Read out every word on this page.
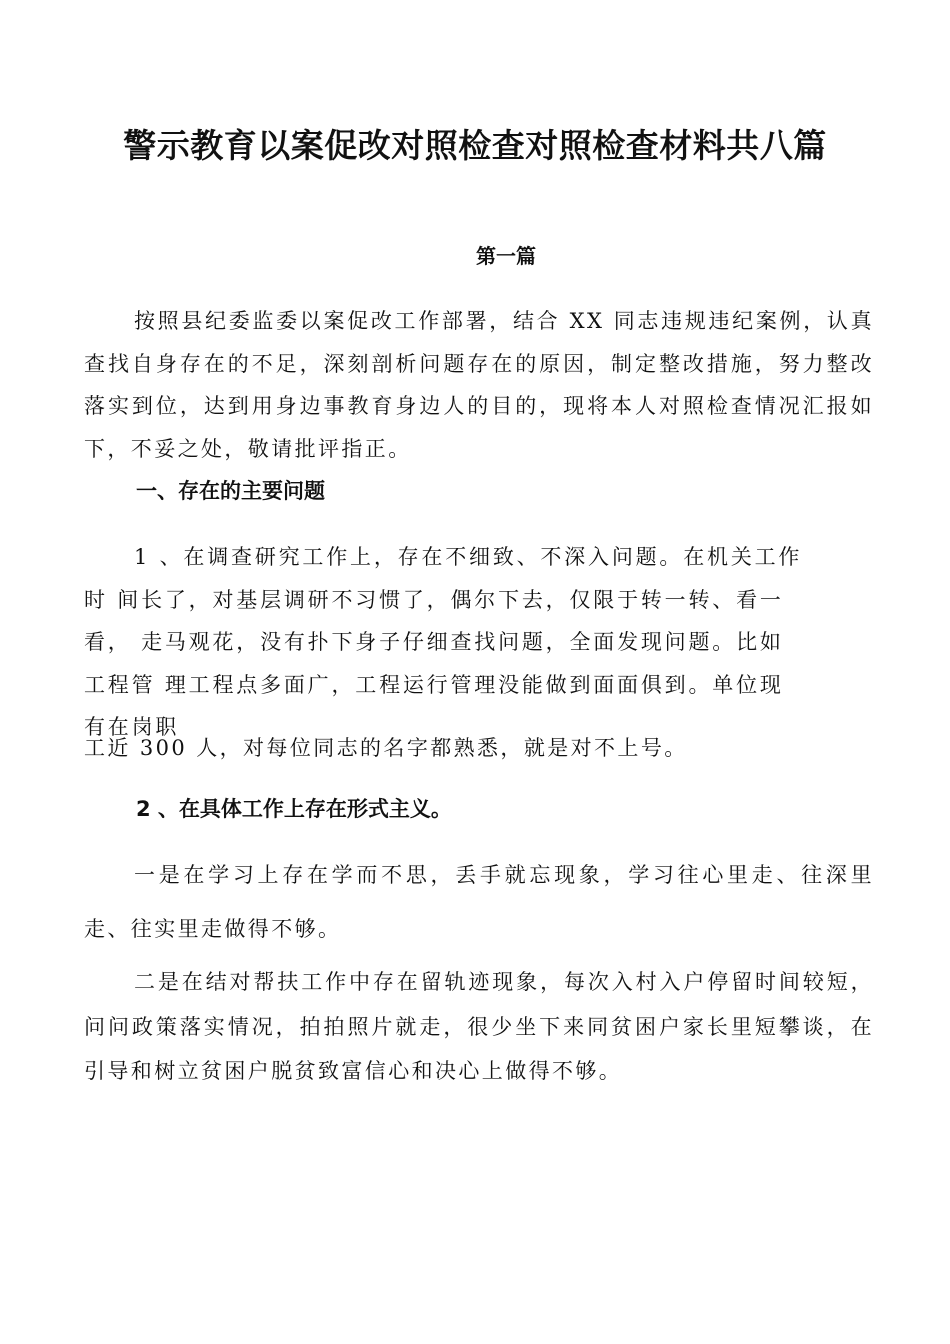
警示教育以案促改对照检查对照检查材料共八篇
第一篇

按照县纪委监委以案促改工作部署，结合 XX 同志违规违纪案例，认真查找自身存在的不足，深刻剖析问题存在的原因，制定整改措施，努力整改落实到位，达到用身边事教育身边人的目的，现将本人对照检查情况汇报如下，不妥之处，敬请批评指正。

一、存在的主要问题

1 、在调查研究工作上，存在不细致、不深入问题。在机关工作
时 间长了，对基层调研不习惯了，偶尔下去，仅限于转一转、看一
看， 走马观花，没有扑下身子仔细查找问题，全面发现问题。比如
工程管 理工程点多面广，工程运行管理没能做到面面俱到。单位现
有在岗职

工近 300 人，对每位同志的名字都熟悉，就是对不上号。

2 、在具体工作上存在形式主义。

一是在学习上存在学而不思，丢手就忘现象，学习往心里走、往深里走、往实里走做得不够。

二是在结对帮扶工作中存在留轨迹现象，每次入村入户停留时间较短，问问政策落实情况，拍拍照片就走，很少坐下来同贫困户家长里短攀谈，在引导和树立贫困户脱贫致富信心和决心上做得不够。
